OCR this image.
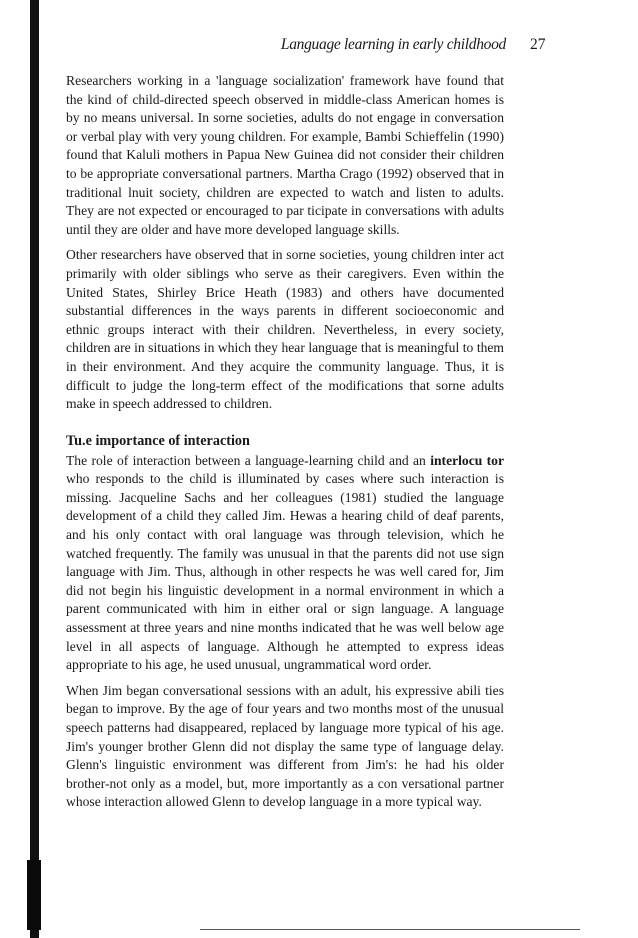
Language learning in early childhood 27

Researchers working in a 'language socialization' framework have found that the kind of child-directed speech observed in middle-class American homes is by no means universal. In sorne societies, adults do not engage in conversation or verbal play with very young children. For example, Bambi Schieffelin (1990) found that Kaluli mothers in Papua New Guinea did not consider their children to be appropriate conversational partners. Martha Crago (1992) observed that in traditional lnuit society, children are expected to watch and listen to adults. They are not expected or encouraged to par ticipate in conversations with adults until they are older and have more developed language skills.

Other researchers have observed that in sorne societies, young children inter act primarily with older siblings who serve as their caregivers. Even within the United States, Shirley Brice Heath (1983) and others have documented substantial differences in the ways parents in different socioeconomic and ethnic groups interact with their children. Nevertheless, in every society, children are in situations in which they hear language that is meaningful to them in their environment. And they acquire the community language. Thus, it is difficult to judge the long-term effect of the modifications that sorne adults make in speech addressed to children.

Tu.e importance of interaction

The role of interaction between a language-learning child and an interlocu tor who responds to the child is illuminated by cases where such interaction is missing. Jacqueline Sachs and her colleagues (1981) studied the language development of a child they called Jim. Hewas a hearing child of deaf parents, and his only contact with oral language was through television, which he watched frequently. The family was unusual in that the parents did not use sign language with Jim. Thus, although in other respects he was well cared for, Jim did not begin his linguistic development in a normal environment in which a parent communicated with him in either oral or sign language. A language assessment at three years and nine months indicated that he was well below age level in all aspects of language. Although he attempted to express ideas appropriate to his age, he used unusual, ungrammatical word order.

When Jim began conversational sessions with an adult, his expressive abili ties began to improve. By the age of four years and two months most of the unusual speech patterns had disappeared, replaced by language more typical of his age. Jim's younger brother Glenn did not display the same type of language delay. Glenn's linguistic environment was different from Jim's: he had his older brother-not only as a model, but, more importantly as a con versational partner whose interaction allowed Glenn to develop language in a more typical way.
